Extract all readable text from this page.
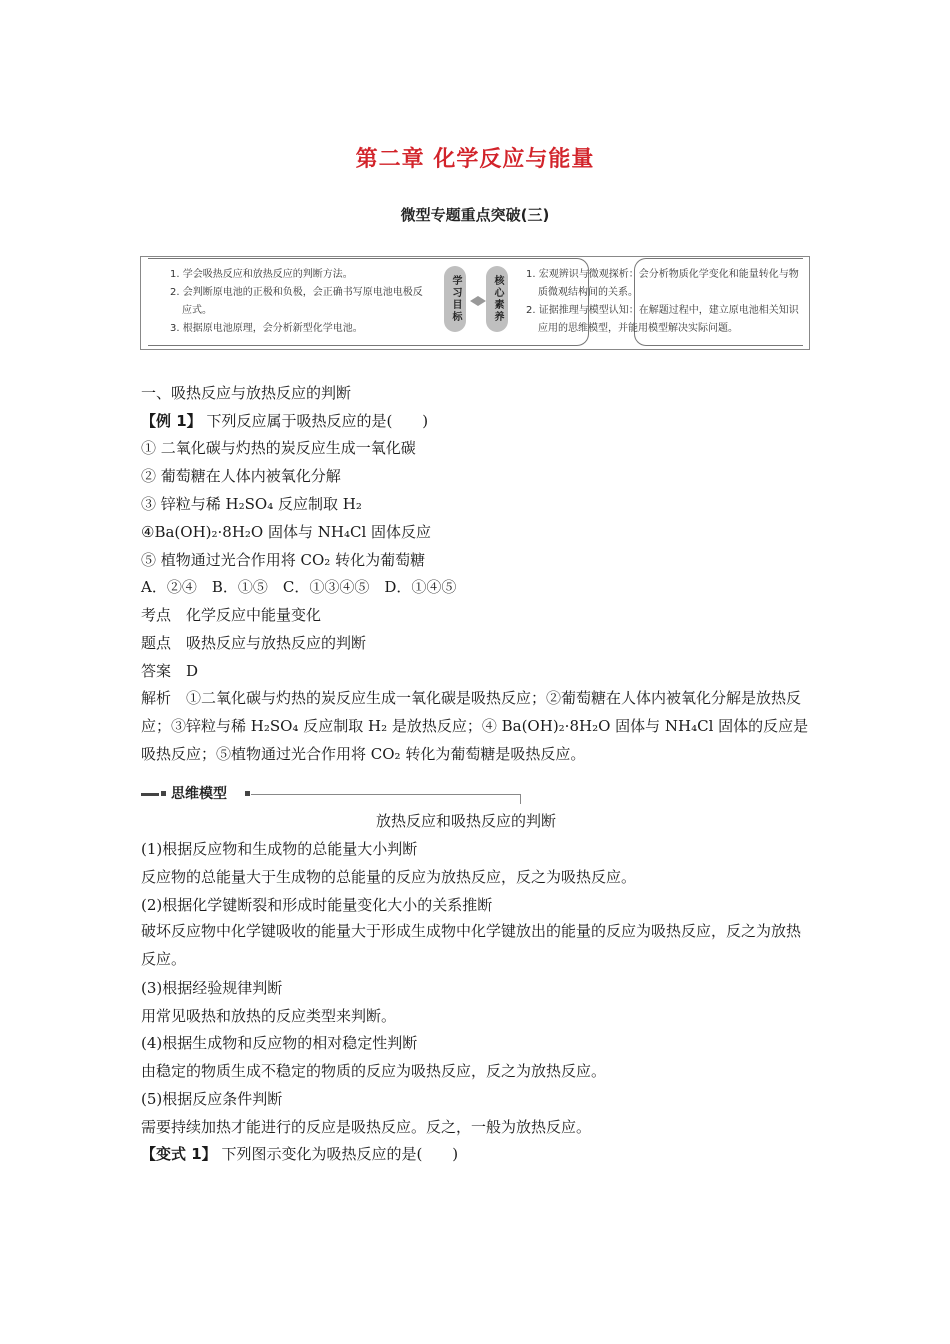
第二章 化学反应与能量
微型专题重点突破(三)
1. 学会吸热反应和放热反应的判断方法。
2. 会判断原电池的正极和负极，会正确书写原电池电极反应式。
3. 根据原电池原理，会分析新型化学电池。
学习目标	核心素养
1. 宏观辨识与微观探析：会分析物质化学变化和能量转化与物质微观结构间的关系。
2. 证据推理与模型认知：在解题过程中，建立原电池相关知识应用的思维模型，并能用模型解决实际问题。
一、吸热反应与放热反应的判断
【例 1】 下列反应属于吸热反应的是(　　)
① 二氧化碳与灼热的炭反应生成一氧化碳
② 葡萄糖在人体内被氧化分解
③ 锌粒与稀 H₂SO₄ 反应制取 H₂
④Ba(OH)₂·8H₂O 固体与 NH₄Cl 固体反应
⑤ 植物通过光合作用将 CO₂ 转化为葡萄糖
A．②④　B．①⑤　C．①③④⑤　D．①④⑤
考点　化学反应中能量变化
题点　吸热反应与放热反应的判断
答案　D
解析　①二氧化碳与灼热的炭反应生成一氧化碳是吸热反应；②葡萄糖在人体内被氧化分解是放热反应；③锌粒与稀 H₂SO₄ 反应制取 H₂ 是放热反应；④ Ba(OH)₂·8H₂O 固体与 NH₄Cl 固体的反应是吸热反应；⑤植物通过光合作用将 CO₂ 转化为葡萄糖是吸热反应。
思维模型
放热反应和吸热反应的判断
(1)根据反应物和生成物的总能量大小判断
反应物的总能量大于生成物的总能量的反应为放热反应，反之为吸热反应。
(2)根据化学键断裂和形成时能量变化大小的关系推断
破坏反应物中化学键吸收的能量大于形成生成物中化学键放出的能量的反应为吸热反应，反之为放热反应。
(3)根据经验规律判断
用常见吸热和放热的反应类型来判断。
(4)根据生成物和反应物的相对稳定性判断
由稳定的物质生成不稳定的物质的反应为吸热反应，反之为放热反应。
(5)根据反应条件判断
需要持续加热才能进行的反应是吸热反应。反之，一般为放热反应。
【变式 1】 下列图示变化为吸热反应的是(　　)
